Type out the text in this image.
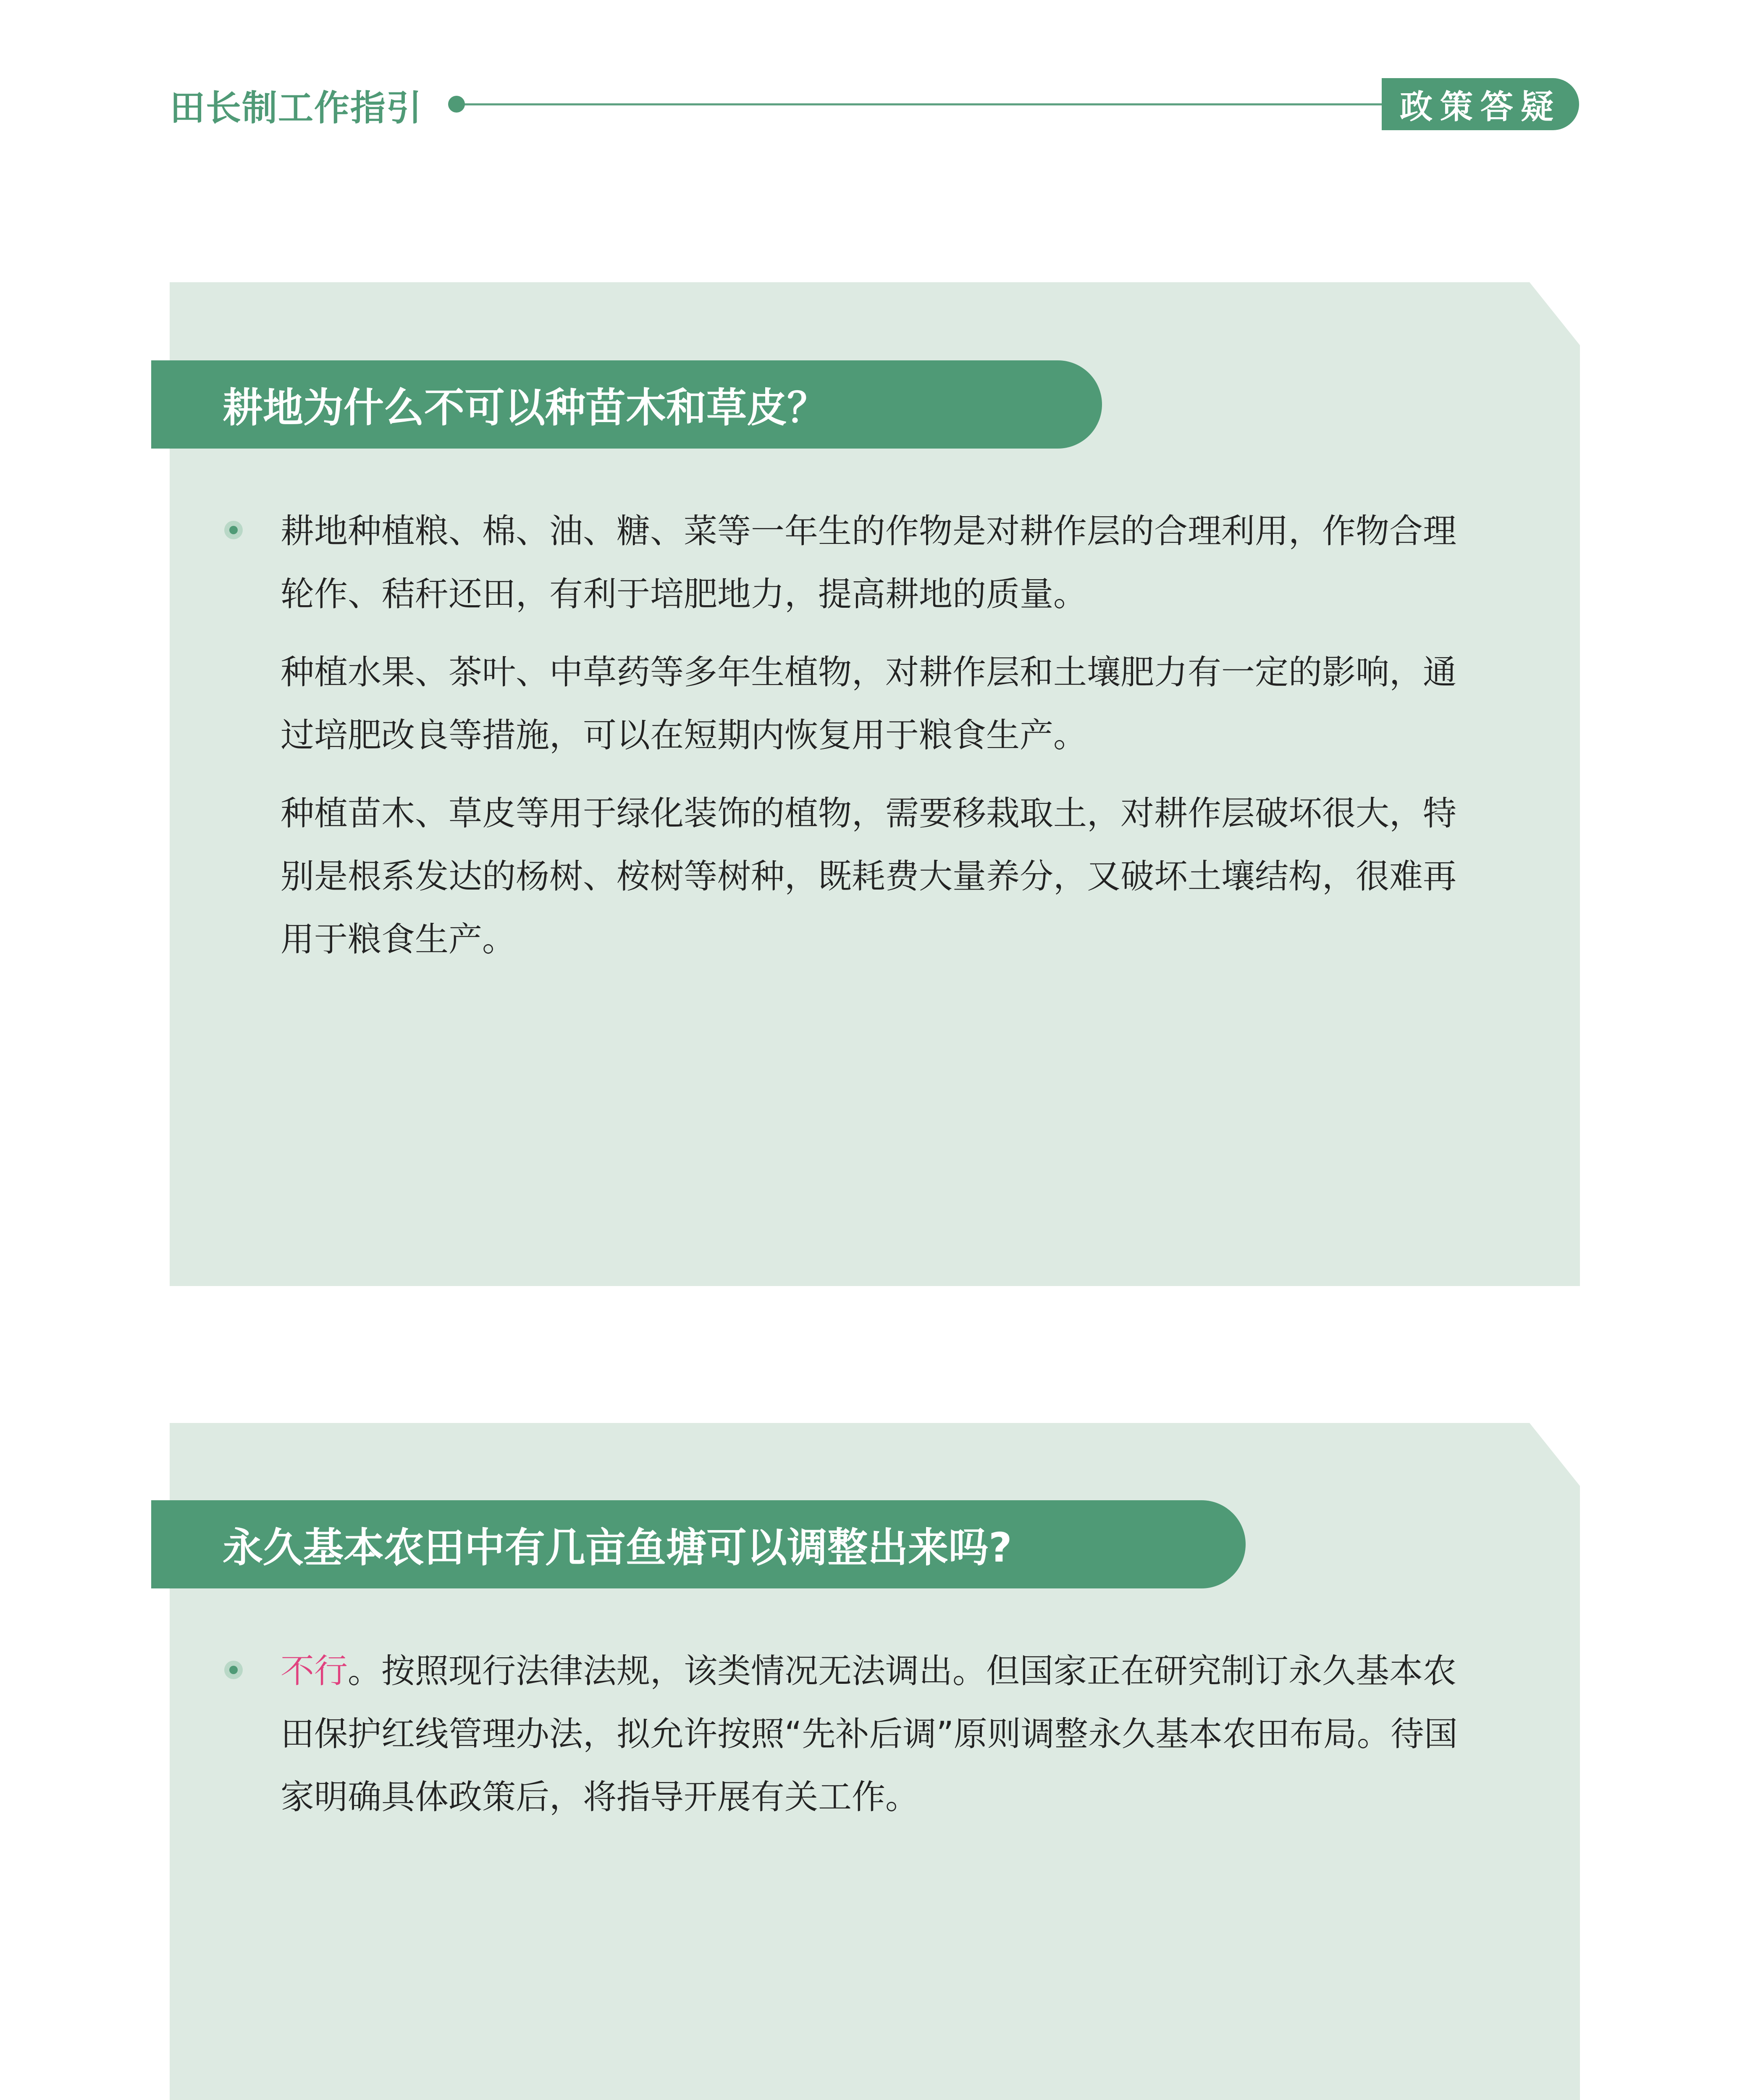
田长制工作指引	政策答疑
耕地为什么不可以种苗木和草皮？

耕地种植粮、棉、油、糖、菜等一年生的作物是对耕作层的合理利用，作物合理轮作、秸秆还田，有利于培肥地力，提高耕地的质量。

种植水果、茶叶、中草药等多年生植物，对耕作层和土壤肥力有一定的影响，通过培肥改良等措施，可以在短期内恢复用于粮食生产。

种植苗木、草皮等用于绿化装饰的植物，需要移栽取土，对耕作层破坏很大，特别是根系发达的杨树、桉树等树种，既耗费大量养分，又破坏土壤结构，很难再用于粮食生产。

永久基本农田中有几亩鱼塘可以调整出来吗?

不行。按照现行法律法规，该类情况无法调出。但国家正在研究制订永久基本农田保护红线管理办法，拟允许按照“先补后调”原则调整永久基本农田布局。待国家明确具体政策后，将指导开展有关工作。
